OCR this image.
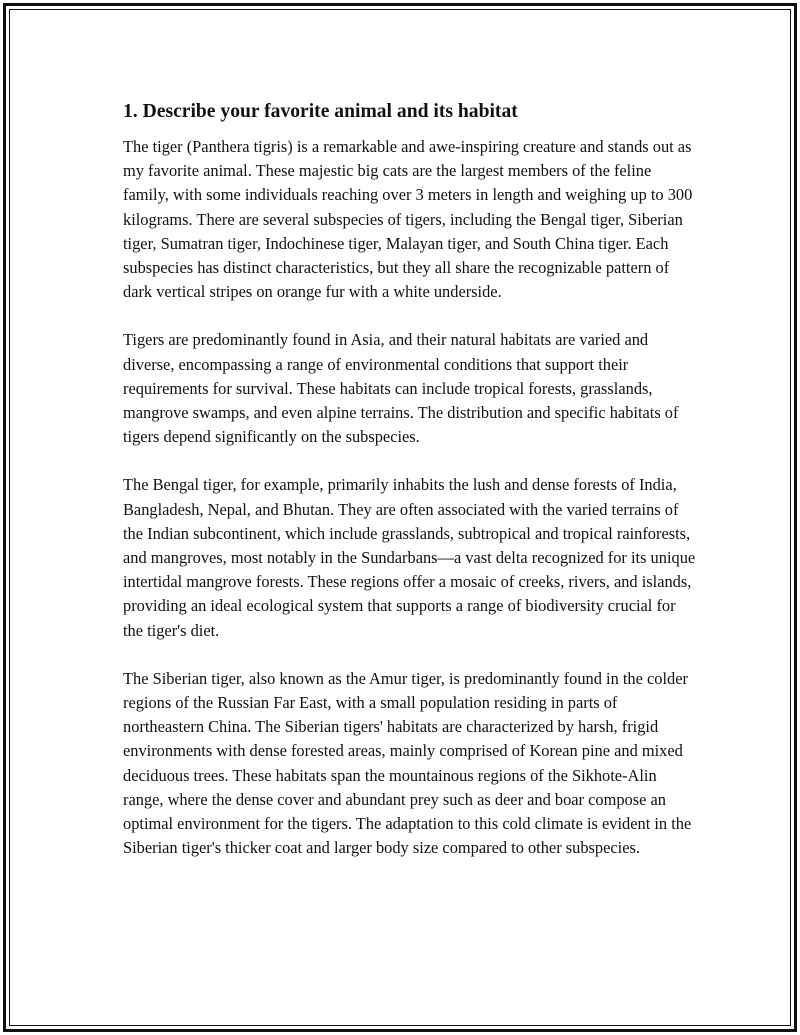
1. Describe your favorite animal and its habitat

The tiger (Panthera tigris) is a remarkable and awe-inspiring creature and stands out as my favorite animal. These majestic big cats are the largest members of the feline family, with some individuals reaching over 3 meters in length and weighing up to 300 kilograms. There are several subspecies of tigers, including the Bengal tiger, Siberian tiger, Sumatran tiger, Indochinese tiger, Malayan tiger, and South China tiger. Each subspecies has distinct characteristics, but they all share the recognizable pattern of dark vertical stripes on orange fur with a white underside.

Tigers are predominantly found in Asia, and their natural habitats are varied and diverse, encompassing a range of environmental conditions that support their requirements for survival. These habitats can include tropical forests, grasslands, mangrove swamps, and even alpine terrains. The distribution and specific habitats of tigers depend significantly on the subspecies.

The Bengal tiger, for example, primarily inhabits the lush and dense forests of India, Bangladesh, Nepal, and Bhutan. They are often associated with the varied terrains of the Indian subcontinent, which include grasslands, subtropical and tropical rainforests, and mangroves, most notably in the Sundarbans—a vast delta recognized for its unique intertidal mangrove forests. These regions offer a mosaic of creeks, rivers, and islands, providing an ideal ecological system that supports a range of biodiversity crucial for the tiger's diet.

The Siberian tiger, also known as the Amur tiger, is predominantly found in the colder regions of the Russian Far East, with a small population residing in parts of northeastern China. The Siberian tigers' habitats are characterized by harsh, frigid environments with dense forested areas, mainly comprised of Korean pine and mixed deciduous trees. These habitats span the mountainous regions of the Sikhote-Alin range, where the dense cover and abundant prey such as deer and boar compose an optimal environment for the tigers. The adaptation to this cold climate is evident in the Siberian tiger's thicker coat and larger body size compared to other subspecies.
